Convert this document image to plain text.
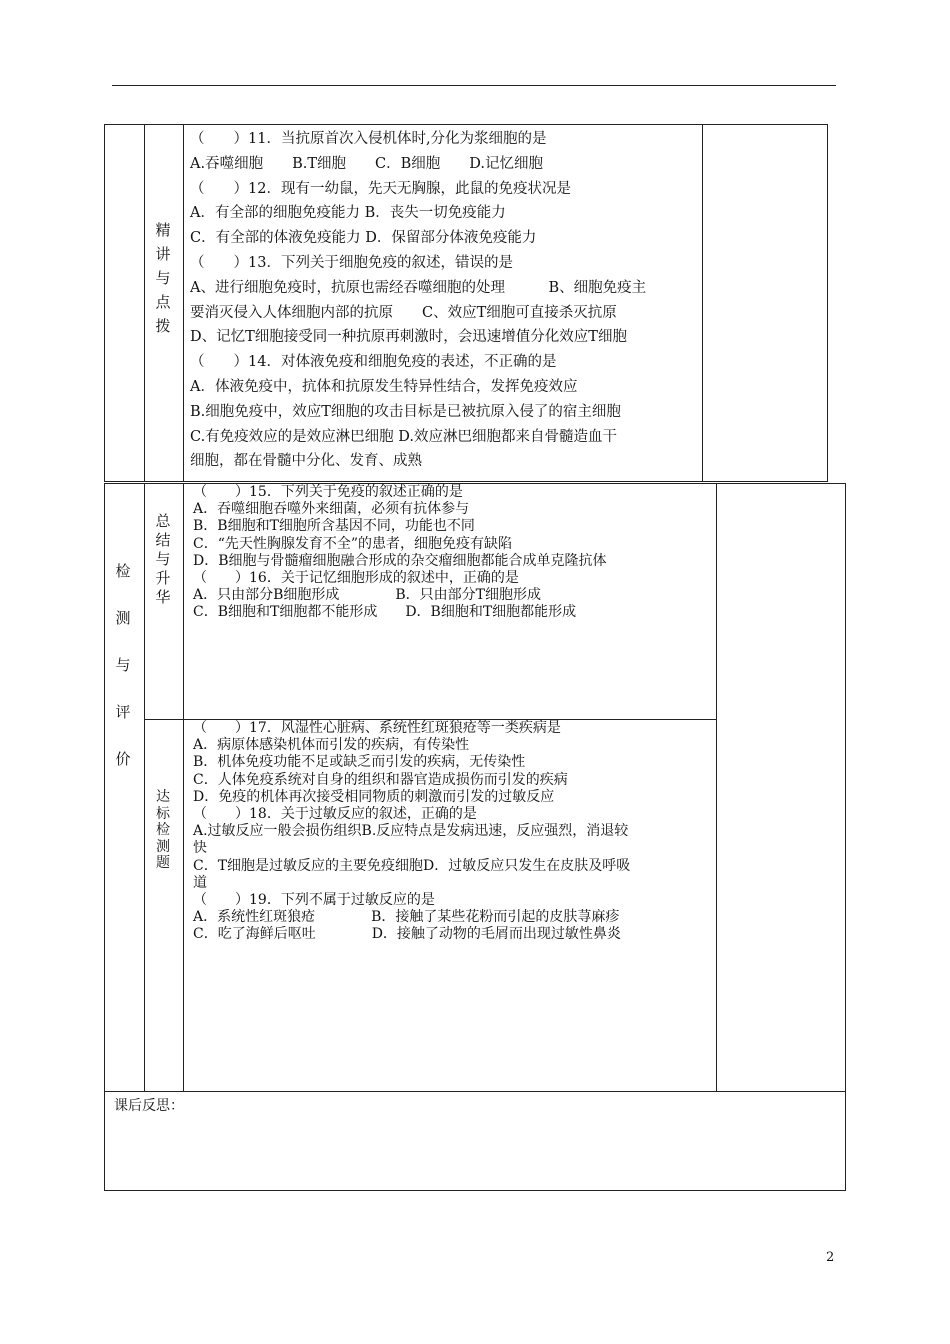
精
讲
与
点
拨
（　　）11．当抗原首次入侵机体时,分化为浆细胞的是
A.吞噬细胞　　B.T细胞　　C．B细胞　　D.记忆细胞
（　　）12．现有一幼鼠，先天无胸腺，此鼠的免疫状况是
A．有全部的细胞免疫能力 B．丧失一切免疫能力
C．有全部的体液免疫能力 D．保留部分体液免疫能力
（　　）13．下列关于细胞免疫的叙述，错误的是
A、进行细胞免疫时，抗原也需经吞噬细胞的处理　　　B、细胞免疫主
要消灭侵入人体细胞内部的抗原　　C、效应T细胞可直接杀灭抗原
D、记忆T细胞接受同一种抗原再刺激时，会迅速增值分化效应T细胞
（　　）14．对体液免疫和细胞免疫的表述，不正确的是
A．体液免疫中，抗体和抗原发生特异性结合，发挥免疫效应
B.细胞免疫中，效应T细胞的攻击目标是已被抗原入侵了的宿主细胞
C.有免疫效应的是效应淋巴细胞 D.效应淋巴细胞都来自骨髓造血干
细胞，都在骨髓中分化、发育、成熟
检
测
与
评
价
总
结
与
升
华
（　　）15．下列关于免疫的叙述正确的是
A．吞噬细胞吞噬外来细菌，必须有抗体参与
B．B细胞和T细胞所含基因不同，功能也不同
C．“先天性胸腺发育不全”的患者，细胞免疫有缺陷
D．B细胞与骨髓瘤细胞融合形成的杂交瘤细胞都能合成单克隆抗体
（　　）16．关于记忆细胞形成的叙述中，正确的是
A．只由部分B细胞形成　　　　B．只由部分T细胞形成
C．B细胞和T细胞都不能形成　　D．B细胞和T细胞都能形成
达
标
检
测
题
（　　）17．风湿性心脏病、系统性红斑狼疮等一类疾病是
A．病原体感染机体而引发的疾病，有传染性
B．机体免疫功能不足或缺乏而引发的疾病，无传染性
C．人体免疫系统对自身的组织和器官造成损伤而引发的疾病
D．免疫的机体再次接受相同物质的刺激而引发的过敏反应
（　　）18．关于过敏反应的叙述，正确的是
A.过敏反应一般会损伤组织B.反应特点是发病迅速，反应强烈，消退较
快
C．T细胞是过敏反应的主要免疫细胞D．过敏反应只发生在皮肤及呼吸
道
（　　）19．下列不属于过敏反应的是
A．系统性红斑狼疮　　　　B．接触了某些花粉而引起的皮肤荨麻疹
C．吃了海鲜后呕吐　　　　D．接触了动物的毛屑而出现过敏性鼻炎
课后反思：
2
